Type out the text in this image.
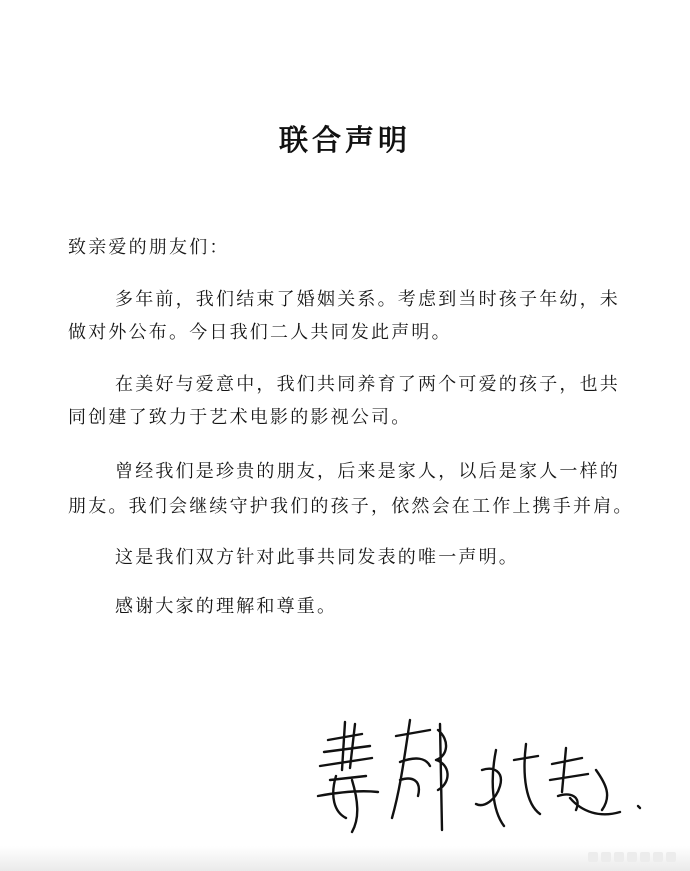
联合声明
致亲爱的朋友们：
多年前，我们结束了婚姻关系。考虑到当时孩子年幼，未
做对外公布。今日我们二人共同发此声明。
在美好与爱意中，我们共同养育了两个可爱的孩子，也共
同创建了致力于艺术电影的影视公司。
曾经我们是珍贵的朋友，后来是家人，以后是家人一样的
朋友。我们会继续守护我们的孩子，依然会在工作上携手并肩。
这是我们双方针对此事共同发表的唯一声明。
感谢大家的理解和尊重。
